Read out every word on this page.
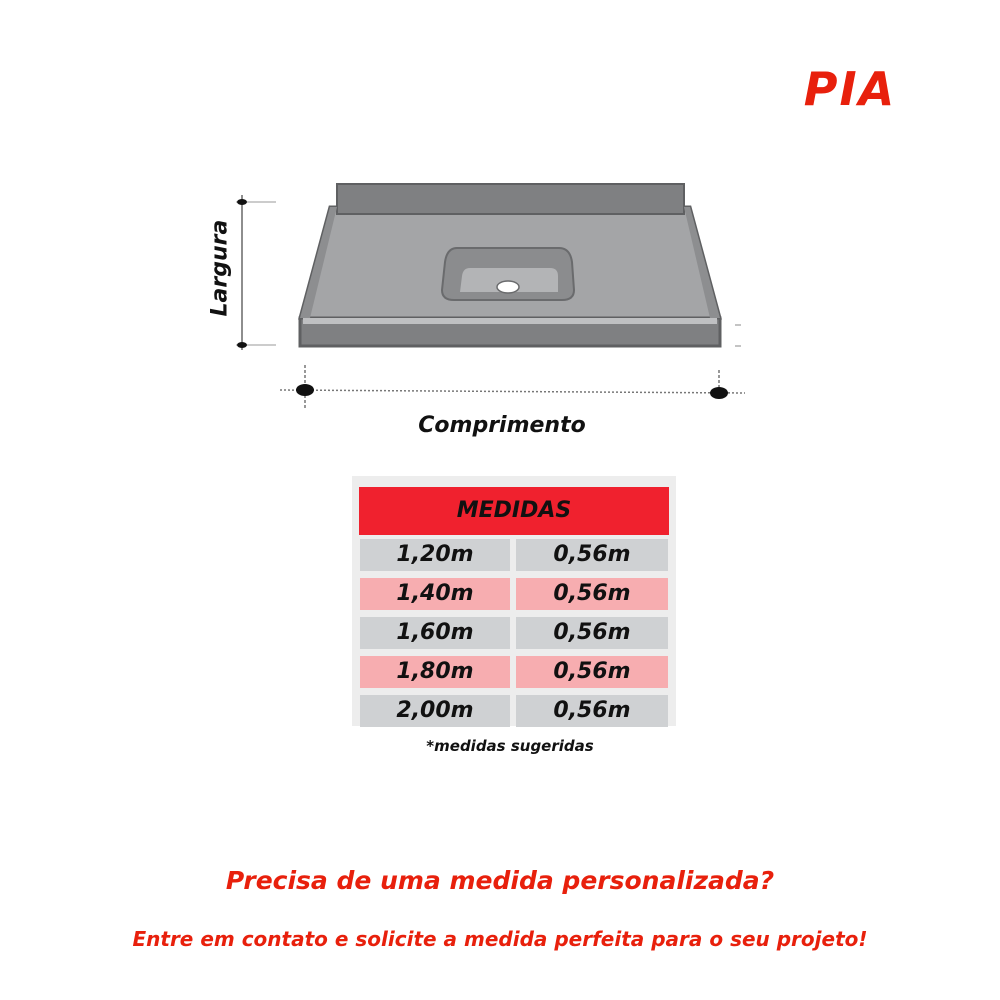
PIA
Largura
Comprimento
MEDIDAS
1,20m	0,56m
1,40m	0,56m
1,60m	0,56m
1,80m	0,56m
2,00m	0,56m
*medidas sugeridas
Precisa de uma medida personalizada?
Entre em contato e solicite a medida perfeita para o seu projeto!
